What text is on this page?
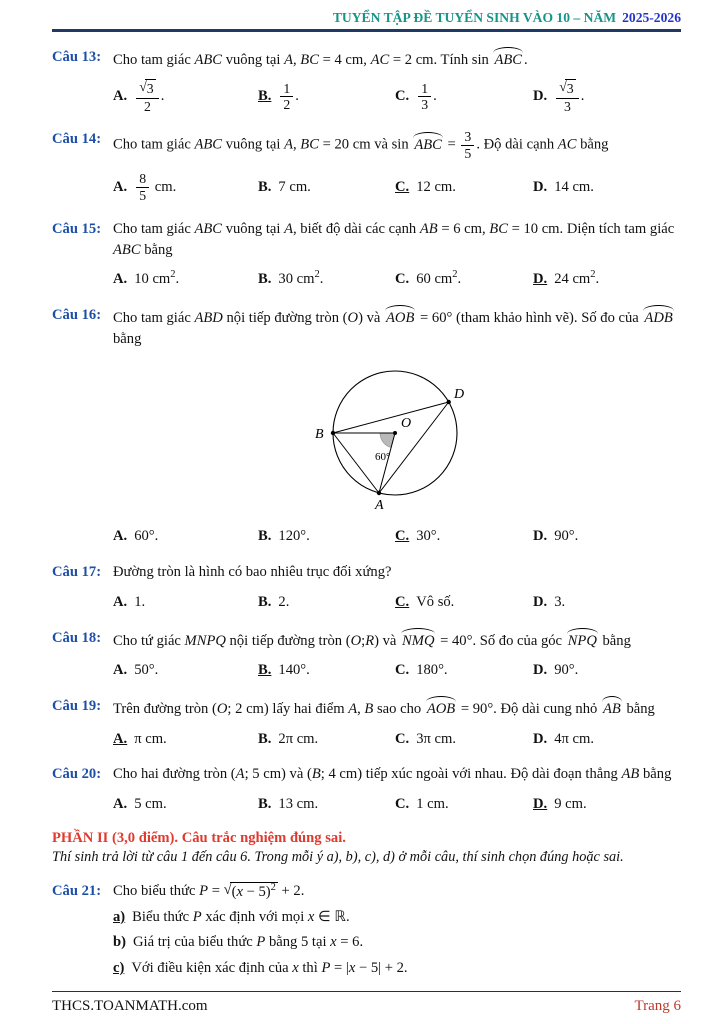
TUYỂN TẬP ĐỀ TUYỂN SINH VÀO 10 – NĂM 2025-2026
Câu 13: Cho tam giác ABC vuông tại A, BC = 4 cm, AC = 2 cm. Tính sin ABC .
A. $\frac{√ 3}{2}$ .	B. $\frac{1}{2}$ .	C. $\frac{1}{3}$ .	D. $\frac{√ 3}{3}$ .
Câu 14: Cho tam giác ABC vuông tại A, BC = 20 cm và sin ABC = $\frac{3}{5}$ . Độ dài cạnh AC bằng
A. $\frac{8}{5}$ cm.	B. 7 cm.	C. 12 cm.	D. 14 cm.
Câu 15: Cho tam giác ABC vuông tại A, biết độ dài các cạnh AB = 6 cm, BC = 10 cm. Diện tích tam giác ABC bằng
A. 10 $cm^2$.	B. 30 $cm^2$.	C. 60 $cm^2$.	D. 24 $cm^2$.
Câu 16: Cho tam giác ABD nội tiếp đường tròn (O) và AOB = 60° (tham khảo hình vẽ). Số đo của ADB bằng
B
D
A
O
60°
A. 60°.	B. 120°.	C. 30°.	D. 90°.
Câu 17: Đường tròn là hình có bao nhiêu trục đối xứng?
A. 1.	B. 2.	C. Vô số.	D. 3.
Câu 18: Cho tứ giác MNPQ nội tiếp đường tròn (O;R) và NMQ = 40°. Số đo của góc NPQ bằng
A. 50°.	B. 140°.	C. 180°.	D. 90°.
Câu 19: Trên đường tròn (O; 2 cm) lấy hai điểm A, B sao cho AOB = 90°. Độ dài cung nhỏ AB bằng
A. π cm.	B. 2π cm.	C. 3π cm.	D. 4π cm.
Câu 20: Cho hai đường tròn (A; 5 cm) và (B; 4 cm) tiếp xúc ngoài với nhau. Độ dài đoạn thẳng AB bằng
A. 5 cm.	B. 13 cm.	C. 1 cm.	D. 9 cm.
PHẦN II (3,0 điểm). Câu trắc nghiệm đúng sai.
Thí sinh trả lời từ câu 1 đến câu 6. Trong mỗi ý a), b), c), d) ở mỗi câu, thí sinh chọn đúng hoặc sai.
Câu 21: Cho biểu thức P = √ $(x - 5)^2 + 2$.
a) Biểu thức P xác định với mọi x ∈ ℝ.
b) Giá trị của biểu thức P bằng 5 tại x = 6.
c) Với điều kiện xác định của x thì P = |x − 5| + 2.
THCS.TOANMATH.com	Trang 6
